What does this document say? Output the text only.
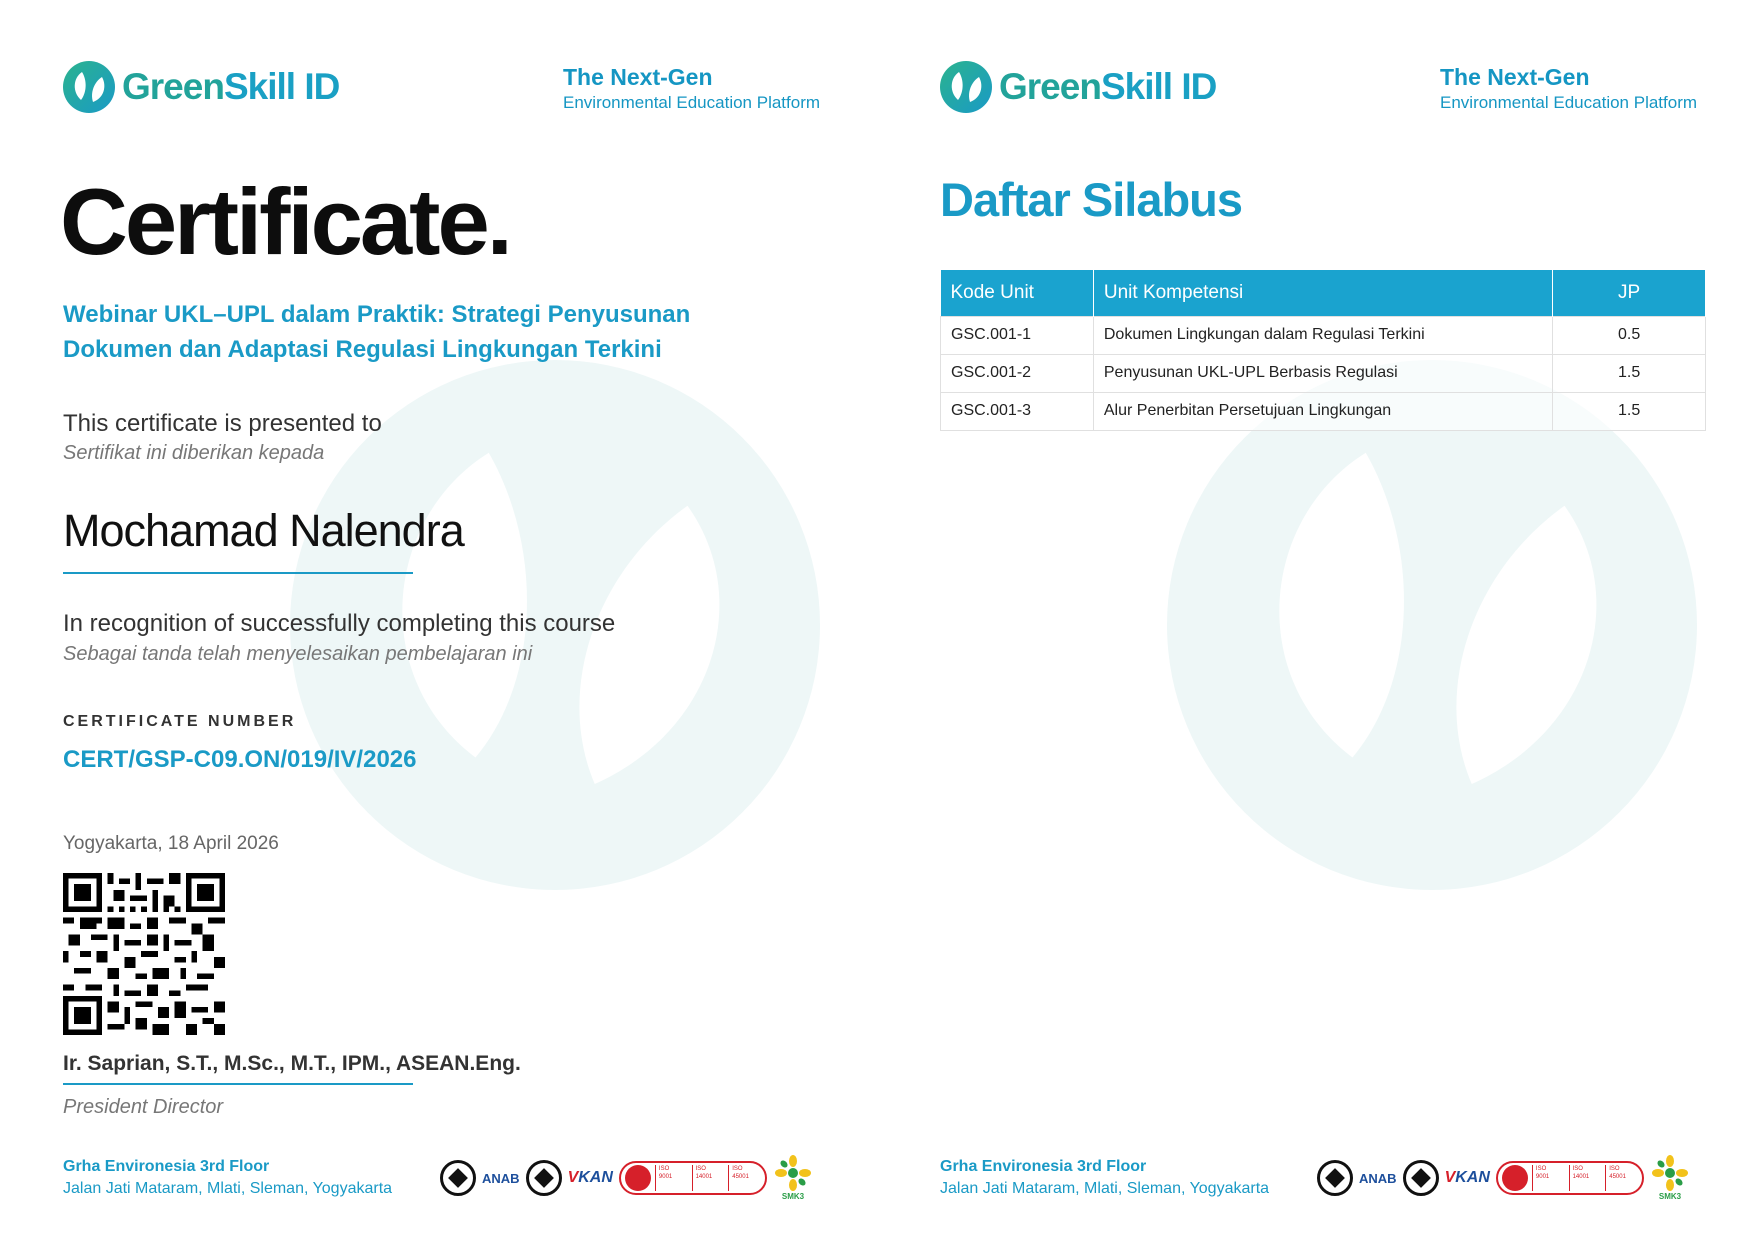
GreenSkill ID	The Next-Gen
Environmental Education Platform
Certificate.
Webinar UKL–UPL dalam Praktik: Strategi Penyusunan Dokumen dan Adaptasi Regulasi Lingkungan Terkini
This certificate is presented to
Sertifikat ini diberikan kepada
Mochamad Nalendra
In recognition of successfully completing this course
Sebagai tanda telah menyelesaikan pembelajaran ini
CERTIFICATE NUMBER
CERT/GSP-C09.ON/019/IV/2026
Yogyakarta, 18 April 2026
Ir. Saprian, S.T., M.Sc., M.T., IPM., ASEAN.Eng.
President Director
Grha Environesia 3rd Floor
Jalan Jati Mataram, Mlati, Sleman, Yogyakarta
ANAB	VKAN	ISO
9001
ISO
14001
ISO
45001
SMK3
GreenSkill ID	The Next-Gen
Environmental Education Platform
Daftar Silabus
Kode Unit	Unit Kompetensi	JP
GSC.001-1	Dokumen Lingkungan dalam Regulasi Terkini	0.5
GSC.001-2	Penyusunan UKL-UPL Berbasis Regulasi	1.5
GSC.001-3	Alur Penerbitan Persetujuan Lingkungan	1.5
Grha Environesia 3rd Floor
Jalan Jati Mataram, Mlati, Sleman, Yogyakarta
ANAB	VKAN	ISO
9001
ISO
14001
ISO
45001
SMK3
